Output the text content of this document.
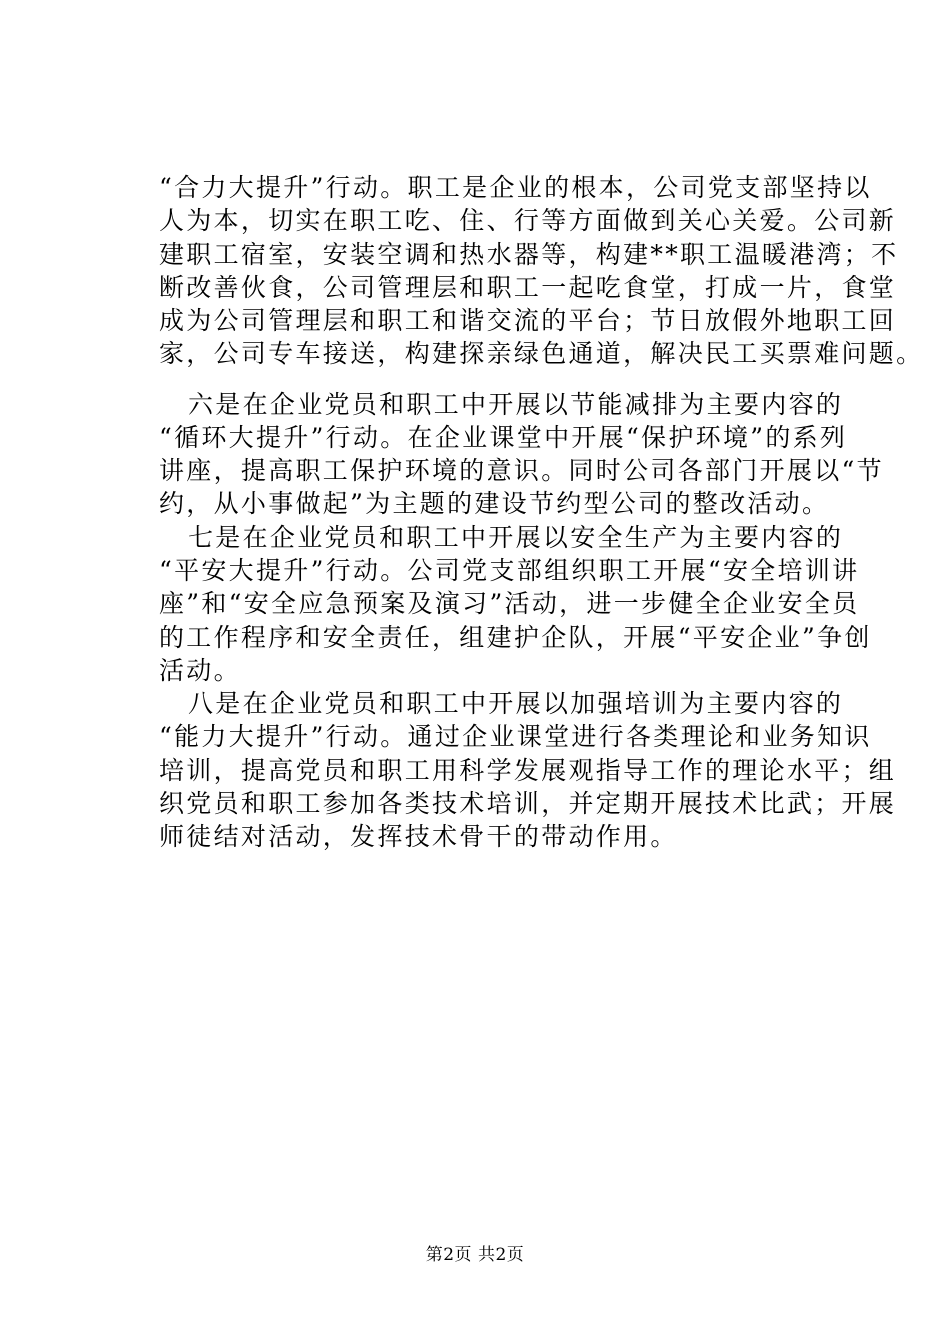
“合力大提升”行动。职工是企业的根本，公司党支部坚持以
人为本，切实在职工吃、住、行等方面做到关心关爱。公司新
建职工宿室，安装空调和热水器等，构建**职工温暖港湾；不
断改善伙食，公司管理层和职工一起吃食堂，打成一片，食堂
成为公司管理层和职工和谐交流的平台；节日放假外地职工回
家，公司专车接送，构建探亲绿色通道，解决民工买票难问题。
六是在企业党员和职工中开展以节能减排为主要内容的
“循环大提升”行动。在企业课堂中开展“保护环境”的系列
讲座，提高职工保护环境的意识。同时公司各部门开展以“节
约，从小事做起”为主题的建设节约型公司的整改活动。
七是在企业党员和职工中开展以安全生产为主要内容的
“平安大提升”行动。公司党支部组织职工开展“安全培训讲
座”和“安全应急预案及演习”活动，进一步健全企业安全员
的工作程序和安全责任，组建护企队，开展“平安企业”争创
活动。
八是在企业党员和职工中开展以加强培训为主要内容的
“能力大提升”行动。通过企业课堂进行各类理论和业务知识
培训，提高党员和职工用科学发展观指导工作的理论水平；组
织党员和职工参加各类技术培训，并定期开展技术比武；开展
师徒结对活动，发挥技术骨干的带动作用。
第2页 共2页
